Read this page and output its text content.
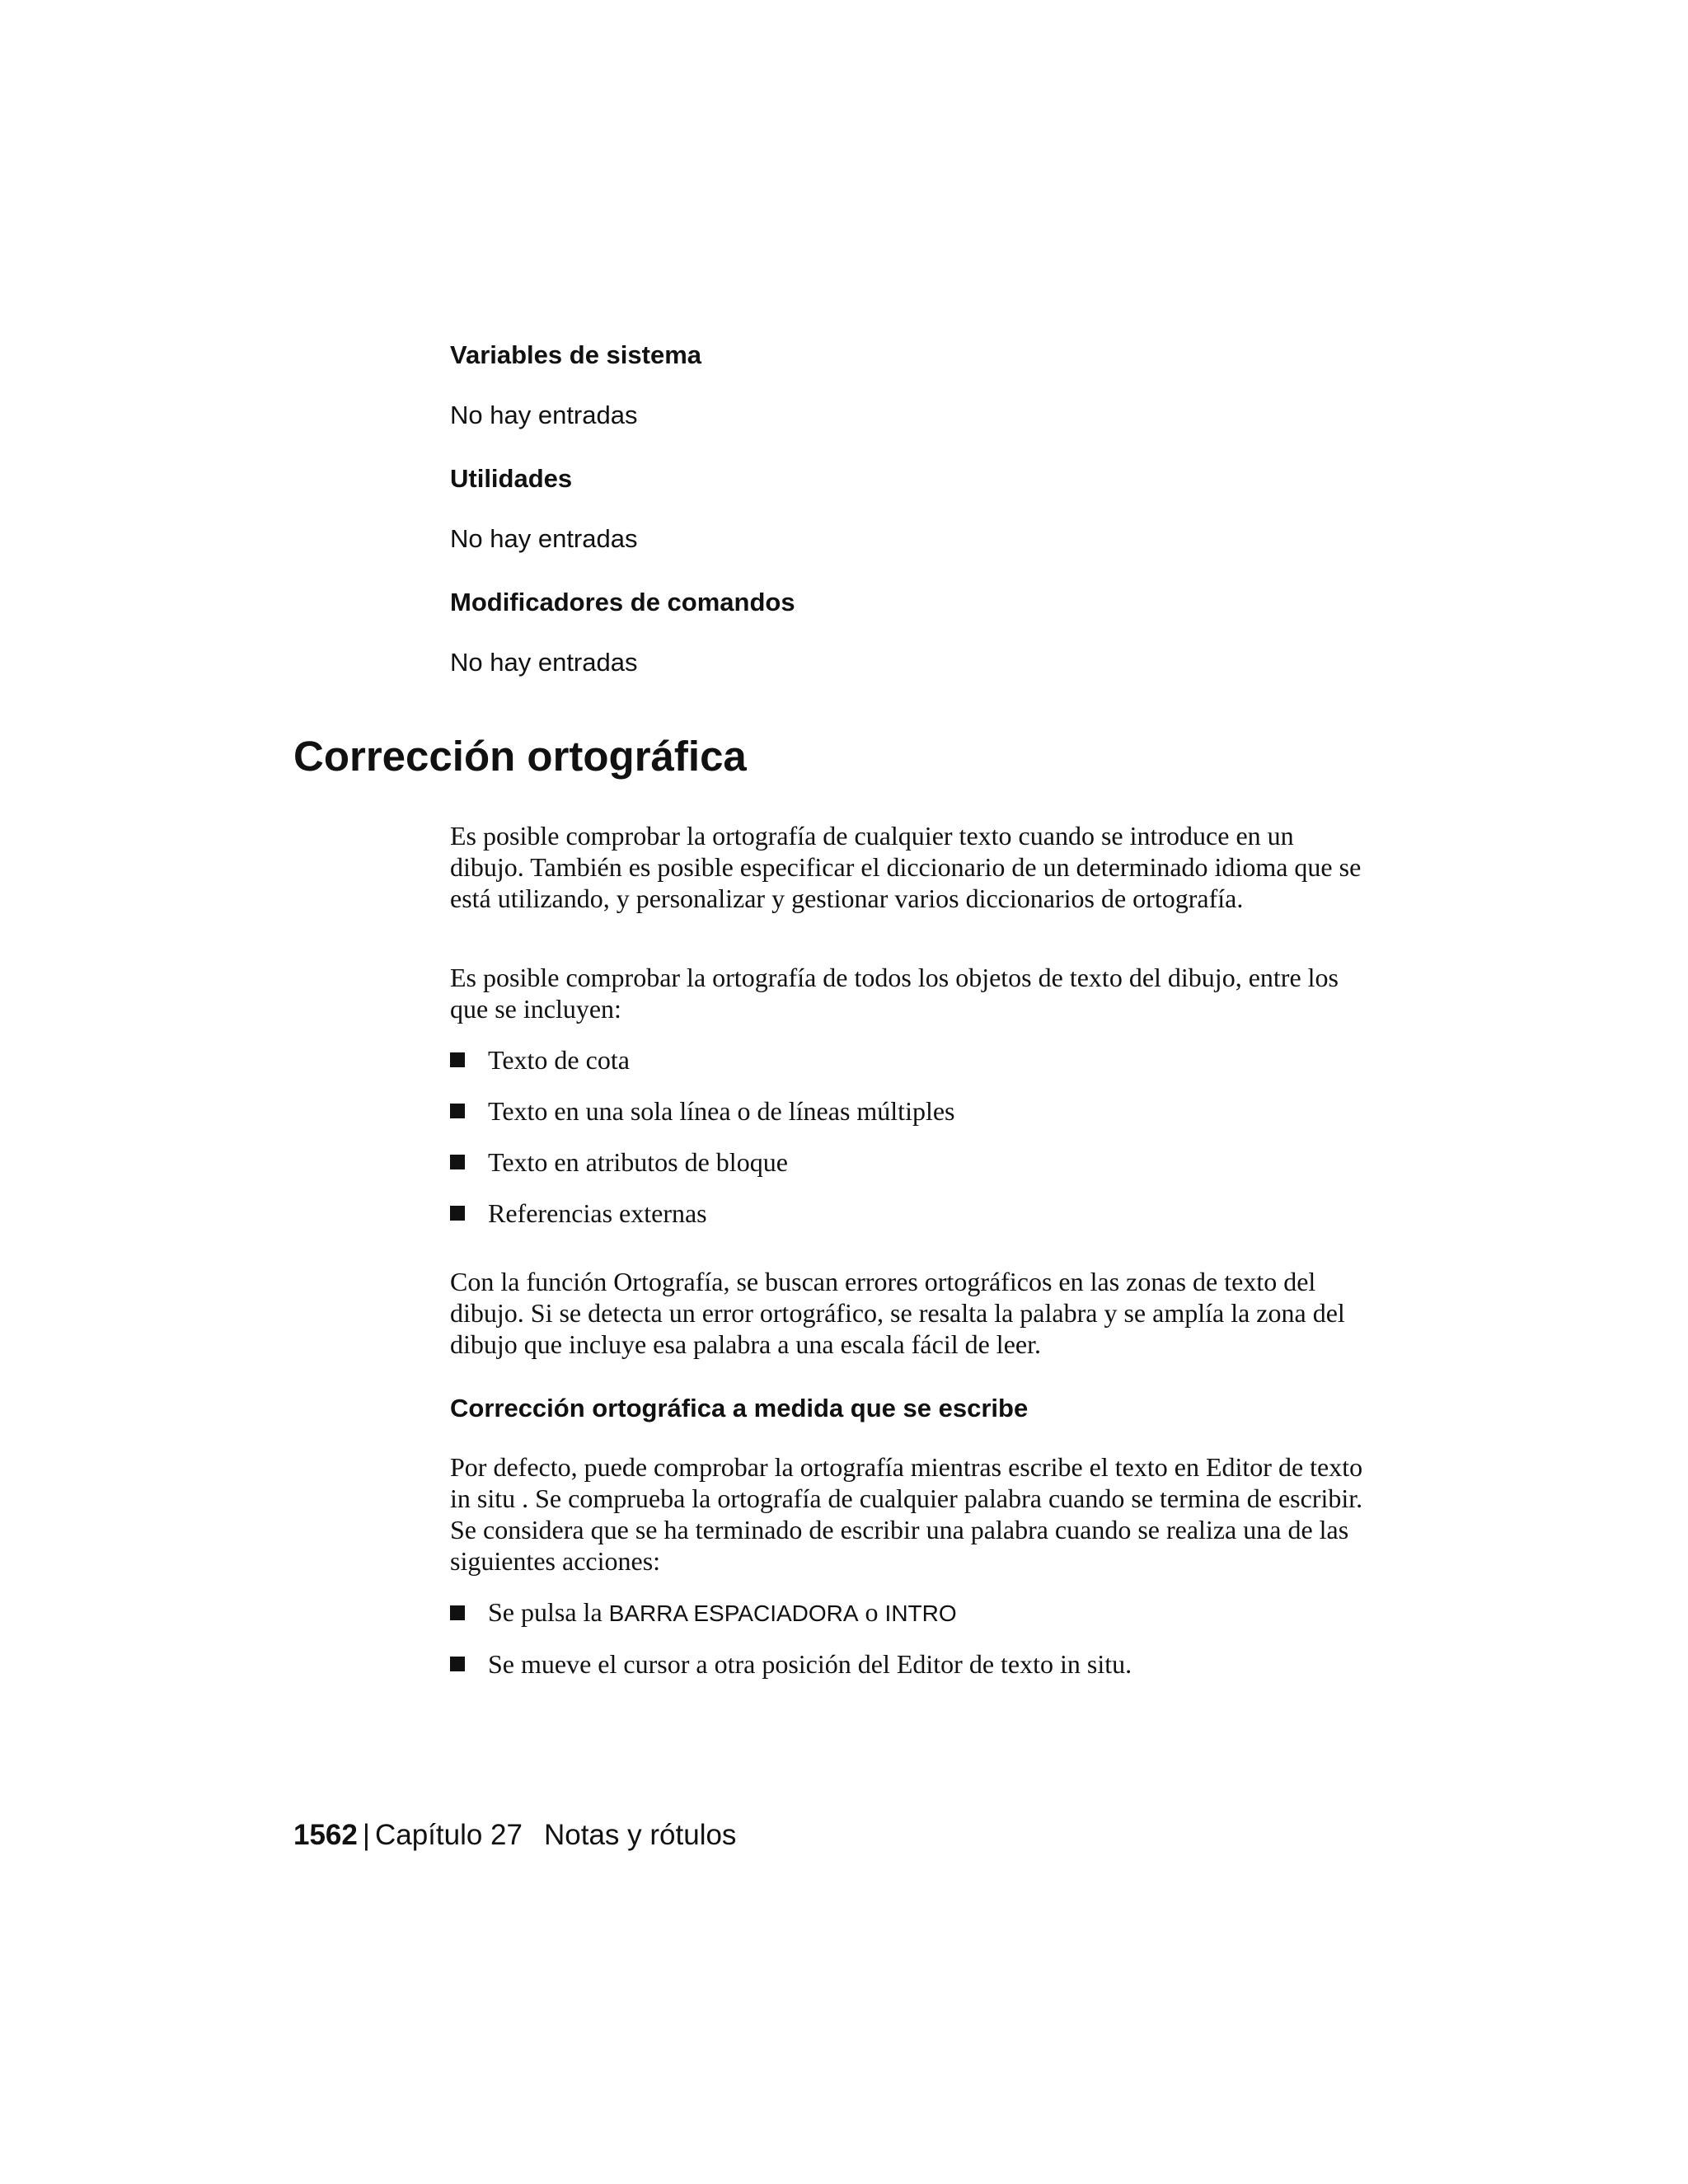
Variables de sistema
No hay entradas
Utilidades
No hay entradas
Modificadores de comandos
No hay entradas
Corrección ortográfica

Es posible comprobar la ortografía de cualquier texto cuando se introduce en un dibujo. También es posible especificar el diccionario de un determinado idioma que se está utilizando, y personalizar y gestionar varios diccionarios de ortografía.

Es posible comprobar la ortografía de todos los objetos de texto del dibujo, entre los que se incluyen:

Texto de cota
Texto en una sola línea o de líneas múltiples
Texto en atributos de bloque
Referencias externas

Con la función Ortografía, se buscan errores ortográficos en las zonas de texto del dibujo. Si se detecta un error ortográfico, se resalta la palabra y se amplía la zona del dibujo que incluye esa palabra a una escala fácil de leer.

Corrección ortográfica a medida que se escribe

Por defecto, puede comprobar la ortografía mientras escribe el texto en Editor de texto in situ . Se comprueba la ortografía de cualquier palabra cuando se termina de escribir. Se considera que se ha terminado de escribir una palabra cuando se realiza una de las siguientes acciones:

Se pulsa la BARRA ESPACIADORA o INTRO
Se mueve el cursor a otra posición del Editor de texto in situ.
1562 | Capítulo 27 Notas y rótulos
